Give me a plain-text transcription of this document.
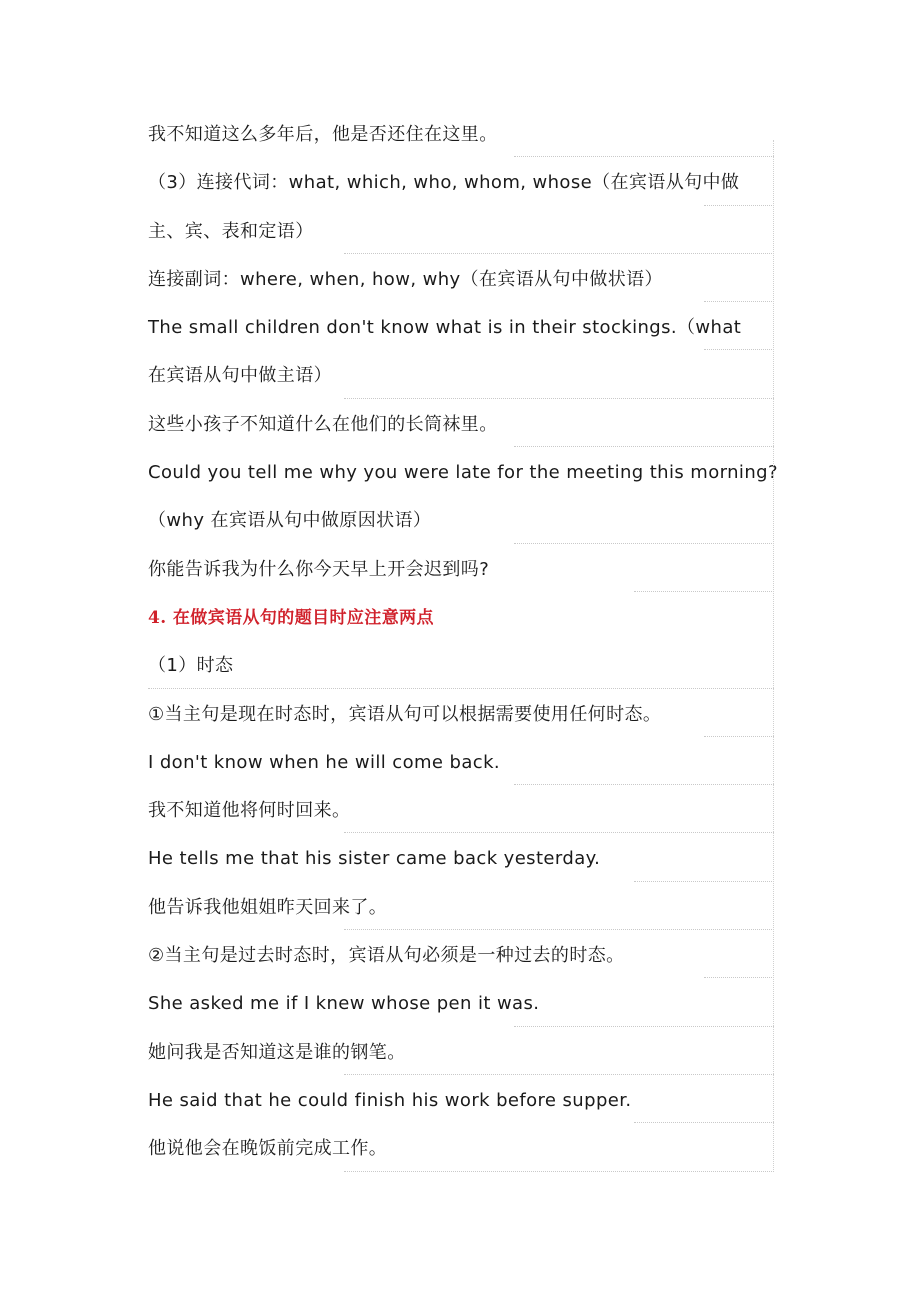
我不知道这么多年后，他是否还住在这里。
（3）连接代词：what, which, who, whom, whose（在宾语从句中做
主、宾、表和定语）
连接副词：where, when, how, why（在宾语从句中做状语）
The small children don't know what is in their stockings.（what
在宾语从句中做主语）
这些小孩子不知道什么在他们的长筒袜里。
Could you tell me why you were late for the meeting this morning?
（why 在宾语从句中做原因状语）
你能告诉我为什么你今天早上开会迟到吗?
4. 在做宾语从句的题目时应注意两点
（1）时态
①当主句是现在时态时，宾语从句可以根据需要使用任何时态。
I don't know when he will come back.
我不知道他将何时回来。
He tells me that his sister came back yesterday.
他告诉我他姐姐昨天回来了。
②当主句是过去时态时，宾语从句必须是一种过去的时态。
She asked me if I knew whose pen it was.
她问我是否知道这是谁的钢笔。
He said that he could finish his work before supper.
他说他会在晚饭前完成工作。
